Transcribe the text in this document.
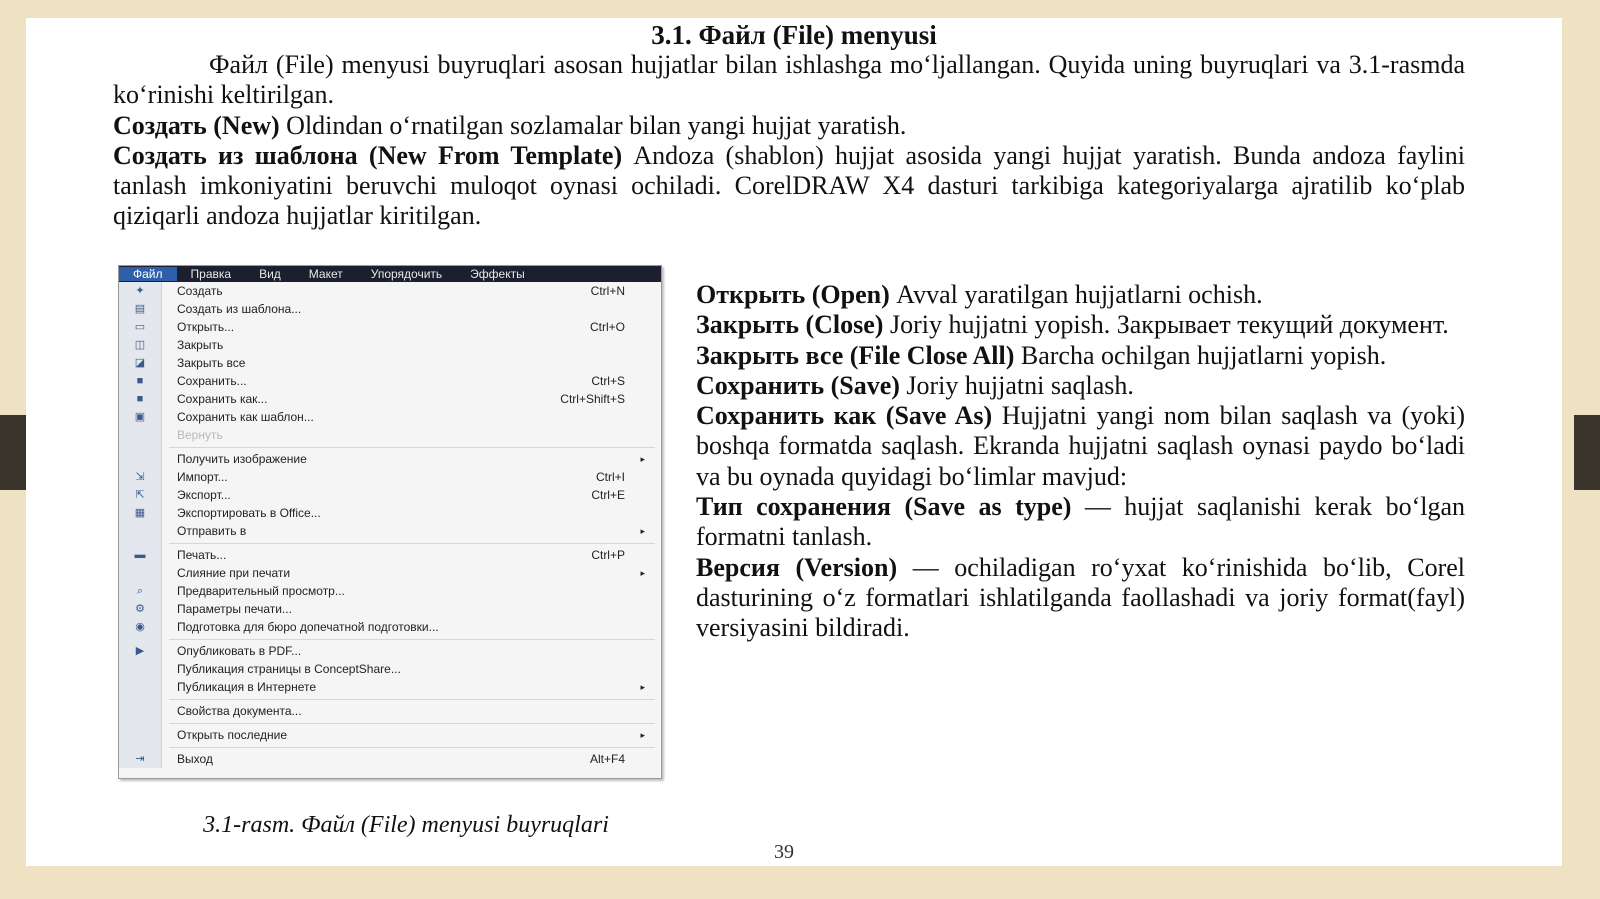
3.1. Файл (File) menyusi

Файл (File) menyusi buyruqlari asosan hujjatlar bilan ishlashga mo‘ljallangan. Quyida uning buyruqlari va 3.1-rasmda ko‘rinishi keltirilgan.

Создать (New) Oldindan o‘rnatilgan sozlamalar bilan yangi hujjat yaratish.

Создать из шаблона (New From Template) Andoza (shablon) hujjat asosida yangi hujjat yaratish. Bunda andoza faylini tanlash imkoniyatini beruvchi muloqot oynasi ochiladi. CorelDRAW X4 dasturi tarkibiga kategoriyalarga ajratilib ko‘plab qiziqarli andoza hujjatlar kiritilgan.

Файл	Правка	Вид	Макет	Упорядочить	Эффекты
✦	Создать	Ctrl+N
▤	Создать из шаблона...
▭	Открыть...	Ctrl+O
◫	Закрыть
◪	Закрыть все
■	Сохранить...	Ctrl+S
■	Сохранить как...	Ctrl+Shift+S
▣	Сохранить как шаблон...
Вернуть
Получить изображение	▸
⇲	Импорт...	Ctrl+I
⇱	Экспорт...	Ctrl+E
▦	Экспортировать в Office...
Отправить в	▸
▬	Печать...	Ctrl+P
Слияние при печати	▸
⌕	Предварительный просмотр...
⚙	Параметры печати...
◉	Подготовка для бюро допечатной подготовки...
▶	Опубликовать в PDF...
Публикация страницы в ConceptShare...
Публикация в Интернете	▸
Свойства документа...
Открыть последние	▸
⇥	Выход	Alt+F4
3.1-rasm. Файл (File) menyusi buyruqlari
39

Открыть (Open) Avval yaratilgan hujjatlarni ochish.

Закрыть (Close) Joriy hujjatni yopish. Закрывает текущий документ.

Закрыть все (File Close All) Barcha ochilgan hujjatlarni yopish.

Сохранить (Save) Joriy hujjatni saqlash.

Сохранить как (Save As) Hujjatni yangi nom bilan saqlash va (yoki) boshqa formatda saqlash. Ekranda hujjatni saqlash oynasi paydo bo‘ladi va bu oynada quyidagi bo‘limlar mavjud:

Тип сохранения (Save as type) — hujjat saqlanishi kerak bo‘lgan formatni tanlash.

Версия (Version) — ochiladigan ro‘yxat ko‘rinishida bo‘lib, Corel dasturining o‘z formatlari ishlatilganda faollashadi va joriy format(fayl) versiyasini bildiradi.
